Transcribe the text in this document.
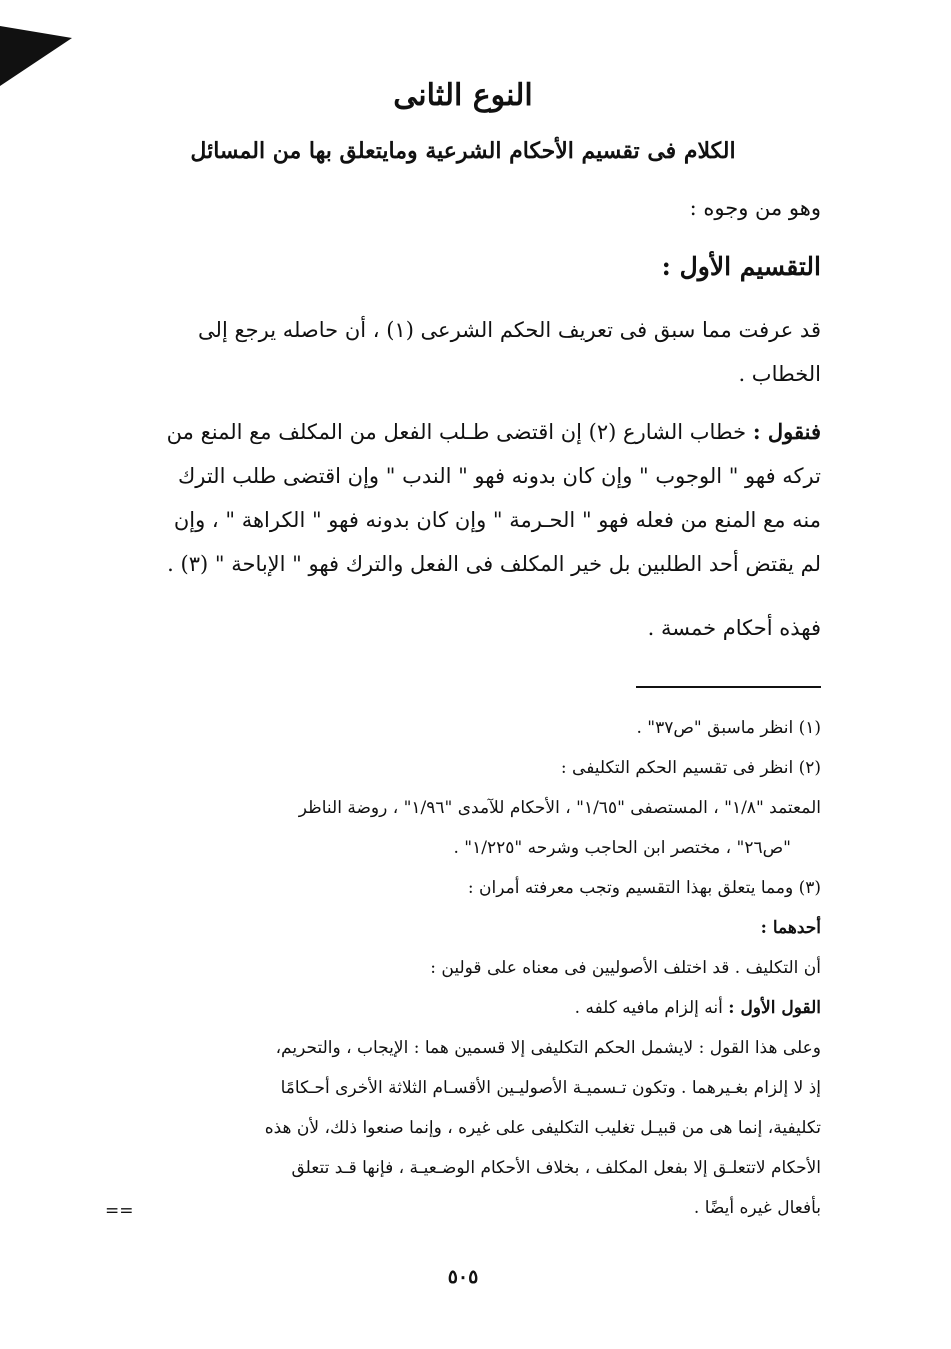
النوع الثانى
الكلام فى تقسيم الأحكام الشرعية ومايتعلق بها من المسائل
وهو من وجوه :
التقسيم الأول :
قد عرفت مما سبق فى تعريف الحكم الشرعى (١) ، أن حاصله يرجع إلى
الخطاب .
فنقول : خطاب الشارع (٢) إن اقتضى طـلب الفعل من المكلف مع المنع من
تركه فهو " الوجوب " وإن كان بدونه فهو " الندب " وإن اقتضى طلب الترك
منه مع المنع من فعله فهو " الحـرمة " وإن كان بدونه فهو " الكراهة " ، وإن
لم يقتض أحد الطلبين بل خير المكلف فى الفعل والترك فهو " الإباحة " (٣) .
فهذه أحكام خمسة .
(١) انظر ماسبق "ص٣٧" .
(٢) انظر فى تقسيم الحكم التكليفى :
المعتمد "١/٨" ، المستصفى "١/٦٥" ، الأحكام للآمدى "١/٩٦" ، روضة الناظر
"ص٢٦" ، مختصر ابن الحاجب وشرحه "١/٢٢٥" .
(٣) ومما يتعلق بهذا التقسيم وتجب معرفته أمران :
أحدهما :
أن التكليف . قد اختلف الأصوليين فى معناه على قولين :
القول الأول : أنه إلزام مافيه كلفه .
وعلى هذا القول : لايشمل الحكم التكليفى إلا قسمين هما : الإيجاب ، والتحريم،
إذ لا إلزام بغـيرهما . وتكون تـسميـة الأصوليـين الأقسـام الثلاثة الأخرى أحـكامًا
تكليفية، إنما هى من قبيـل تغليب التكليفى على غيره ، وإنما صنعوا ذلك، لأن هذه
الأحكام لاتتعلـق إلا بفعل المكلف ، بخلاف الأحكام الوضـعيـة ، فإنها قـد تتعلق
بأفعال غيره أيضًا .
==
٥٠٥
